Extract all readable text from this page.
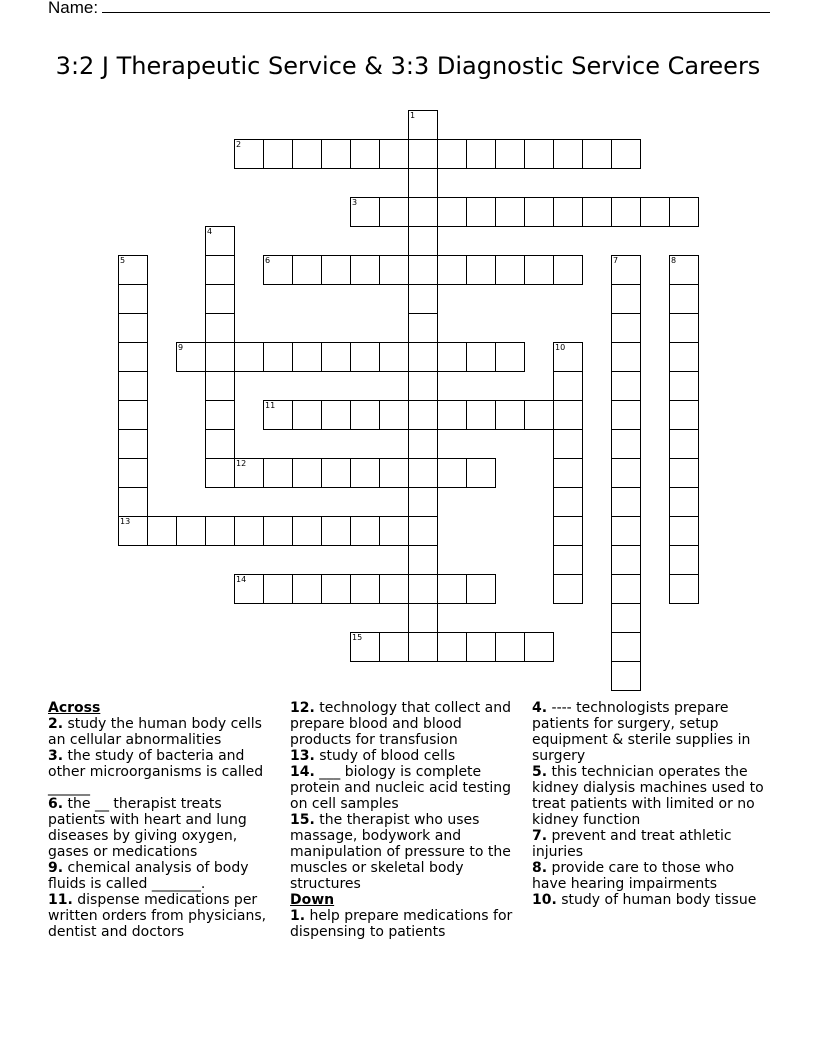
Name:
3:2 J Therapeutic Service & 3:3 Diagnostic Service Careers
1
2
3
4
5	6	7	8
9	10
11
12
13
14
15

Across

2. study the human body cells an cellular abnormalities

3. the study of bacteria and other microorganisms is called ______

6. the __ therapist treats patients with heart and lung diseases by giving oxygen, gases or medications

9. chemical analysis of body fluids is called _______.

11. dispense medications per written orders from physicians, dentist and doctors

12. technology that collect and prepare blood and blood products for transfusion

13. study of blood cells

14. ___ biology is complete protein and nucleic acid testing on cell samples

15. the therapist who uses massage, bodywork and manipulation of pressure to the muscles or skeletal body structures

Down

1. help prepare medications for dispensing to patients

4. ---- technologists prepare patients for surgery, setup equipment & sterile supplies in surgery

5. this technician operates the kidney dialysis machines used to treat patients with limited or no kidney function

7. prevent and treat athletic injuries

8. provide care to those who have hearing impairments

10. study of human body tissue
